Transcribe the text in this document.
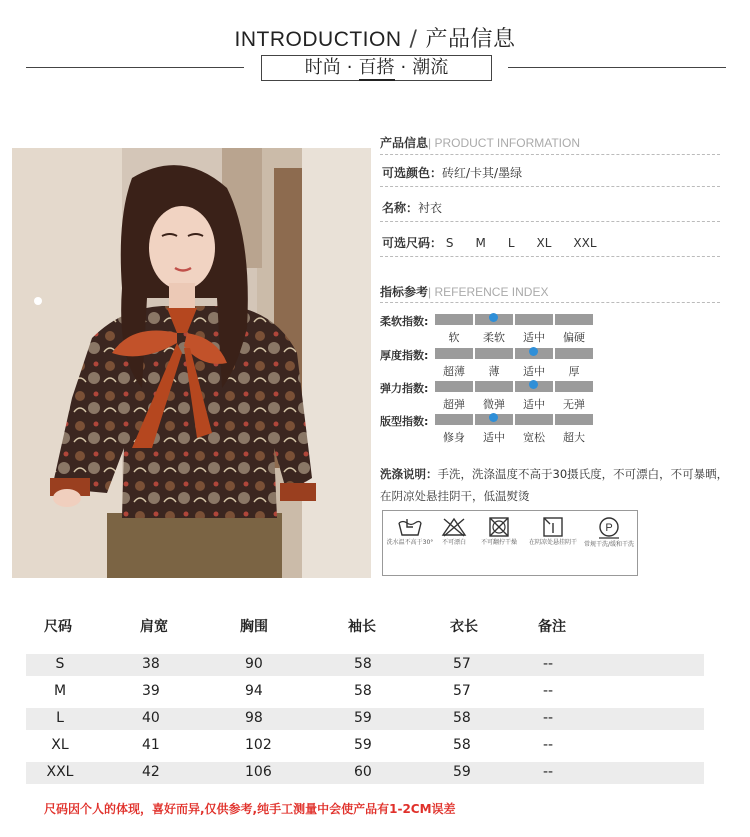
INTRODUCTION / 产品信息
时尚 · 百搭 · 潮流
产品信息| PRODUCT INFORMATION
可选颜色：砖红/卡其/墨绿
名称：衬衣
可选尺码： S M L XL XXL
指标参考| REFERENCE INDEX
柔软指数:
软	柔软	适中	偏硬
厚度指数:
超薄	薄	适中	厚
弹力指数:
超弹	微弹	适中	无弹
版型指数:
修身	适中	宽松	超大
洗涤说明：手洗，洗涤温度不高于30摄氏度，不可漂白，不可暴晒，
在阴凉处悬挂阴干，低温熨烫
洗水温不高于30°	不可漂白	不可翻拧干燥	在阴凉处悬挂阴干
P
常规干洗/缓和干洗
尺码	肩宽	胸围	袖长	衣长	备注
S	38	90	58	57	--
M	39	94	58	57	--
L	40	98	59	58	--
XL	41	102	59	58	--
XXL	42	106	60	59	--
尺码因个人的体现，喜好而异,仅供参考,纯手工测量中会使产品有1-2CM误差
